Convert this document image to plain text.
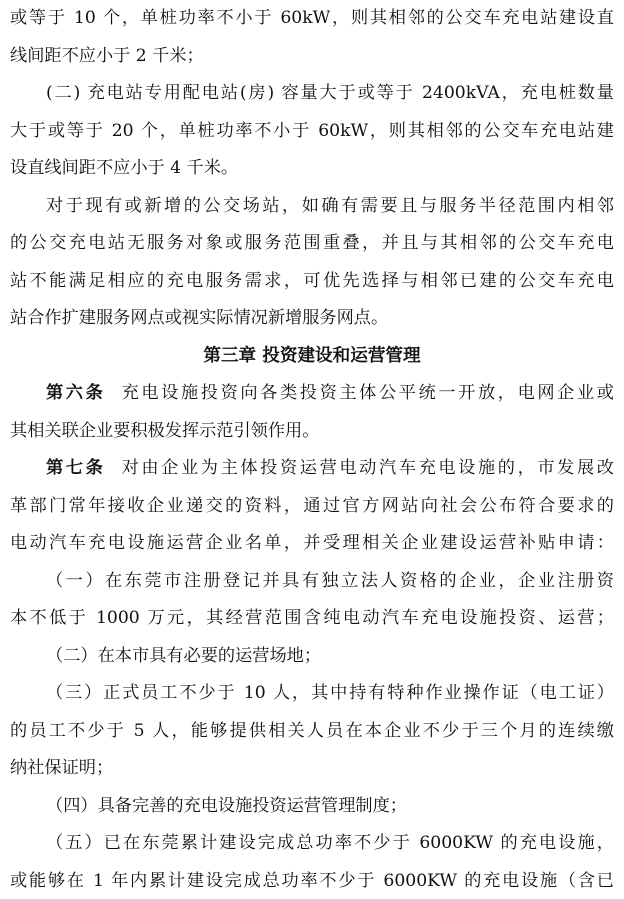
或等于 10 个，单桩功率不小于 60kW，则其相邻的公交车充电站建设直
线间距不应小于 2 千米；
(二) 充电站专用配电站(房) 容量大于或等于 2400kVA，充电桩数量
大于或等于 20 个，单桩功率不小于 60kW，则其相邻的公交车充电站建
设直线间距不应小于 4 千米。
对于现有或新增的公交场站，如确有需要且与服务半径范围内相邻
的公交充电站无服务对象或服务范围重叠，并且与其相邻的公交车充电
站不能满足相应的充电服务需求，可优先选择与相邻已建的公交车充电
站合作扩建服务网点或视实际情况新增服务网点。
第三章 投资建设和运营管理
第六条 充电设施投资向各类投资主体公平统一开放，电网企业或
其相关联企业要积极发挥示范引领作用。
第七条 对由企业为主体投资运营电动汽车充电设施的，市发展改
革部门常年接收企业递交的资料，通过官方网站向社会公布符合要求的
电动汽车充电设施运营企业名单，并受理相关企业建设运营补贴申请：
（一）在东莞市注册登记并具有独立法人资格的企业，企业注册资
本不低于 1000 万元，其经营范围含纯电动汽车充电设施投资、运营；
（二）在本市具有必要的运营场地；
（三）正式员工不少于 10 人，其中持有特种作业操作证（电工证）
的员工不少于 5 人，能够提供相关人员在本企业不少于三个月的连续缴
纳社保证明；
（四）具备完善的充电设施投资运营管理制度；
（五）已在东莞累计建设完成总功率不少于 6000KW 的充电设施，
或能够在 1 年内累计建设完成总功率不少于 6000KW 的充电设施（含已
